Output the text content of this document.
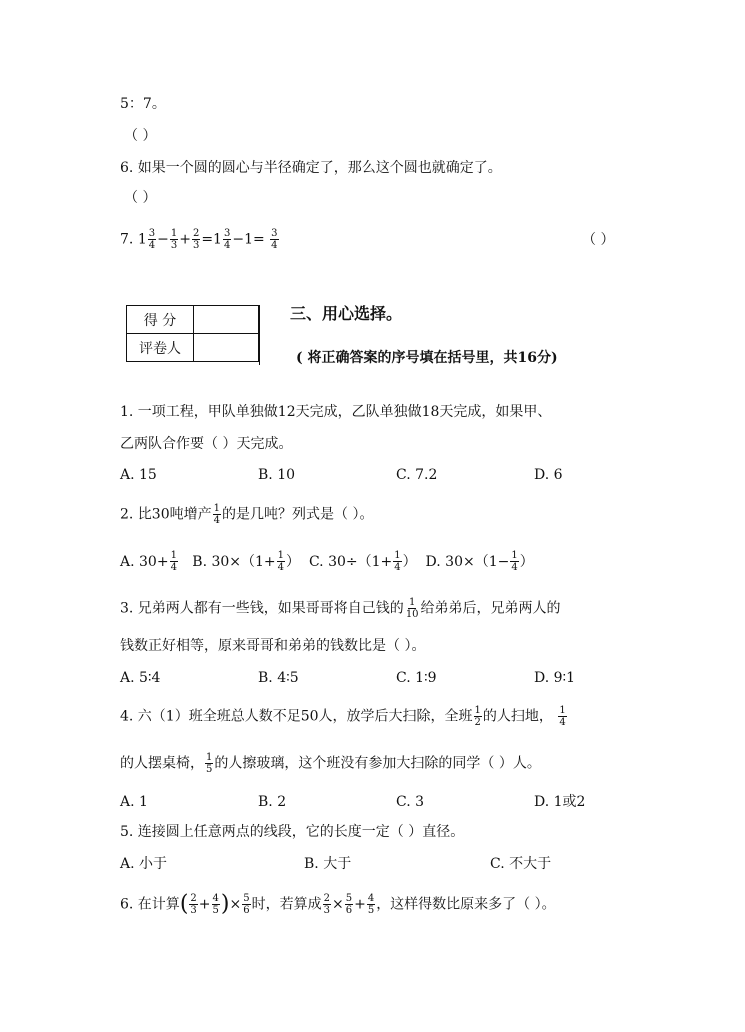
5：7。
（ ）
6. 如果一个圆的圆心与半径确定了，那么这个圆也就确定了。
（ ）
7. $1 \frac{3}{4} - \frac{1}{3} + \frac{2}{3} =1 \frac{3}{4} -1= \frac{3}{4}$	（ ）
得 分	
评卷人	
三、用心选择。
( 将正确答案的序号填在括号里，共16分)
1. 一项工程，甲队单独做12天完成，乙队单独做18天完成，如果甲、
乙两队合作要（ ）天完成。
A. 15	B. 10	C. 7.2	D. 6
2. 比30吨增产 $\frac{1}{4}$ 的是几吨？列式是（ ）。
A. $30+ \frac{1}{4} B$. $30\times(1+ \frac{1}{4}$ ） C. $30\div(1+ \frac{1}{4}$ ） D. $30\times(1- \frac{1}{4}$ ）
3. 兄弟两人都有一些钱，如果哥哥将自己钱的 $\frac{1}{10}$ 给弟弟后，兄弟两人的
钱数正好相等，原来哥哥和弟弟的钱数比是（ ）。
A. 5∶4	B. 4∶5	C. 1∶9	D. 9∶1
4. 六（1）班全班总人数不足50人，放学后大扫除，全班 $\frac{1}{2}$ 的人扫地， $\frac{1}{4}$
的人摆桌椅， $\frac{1}{5}$ 的人擦玻璃，这个班没有参加大扫除的同学（ ）人。
A. 1	B. 2	C. 3	D. 1或2
5. 连接圆上任意两点的线段，它的长度一定（ ）直径。
A. 小于	B. 大于	C. 不大于
6. 在计算( $\frac{2}{3} + \frac{4}{5}$ )× $\frac{5}{6}$ 时，若算成 $\frac{2}{3} \times \frac{5}{6} + \frac{4}{5}$ ，这样得数比原来多了（ ）。
